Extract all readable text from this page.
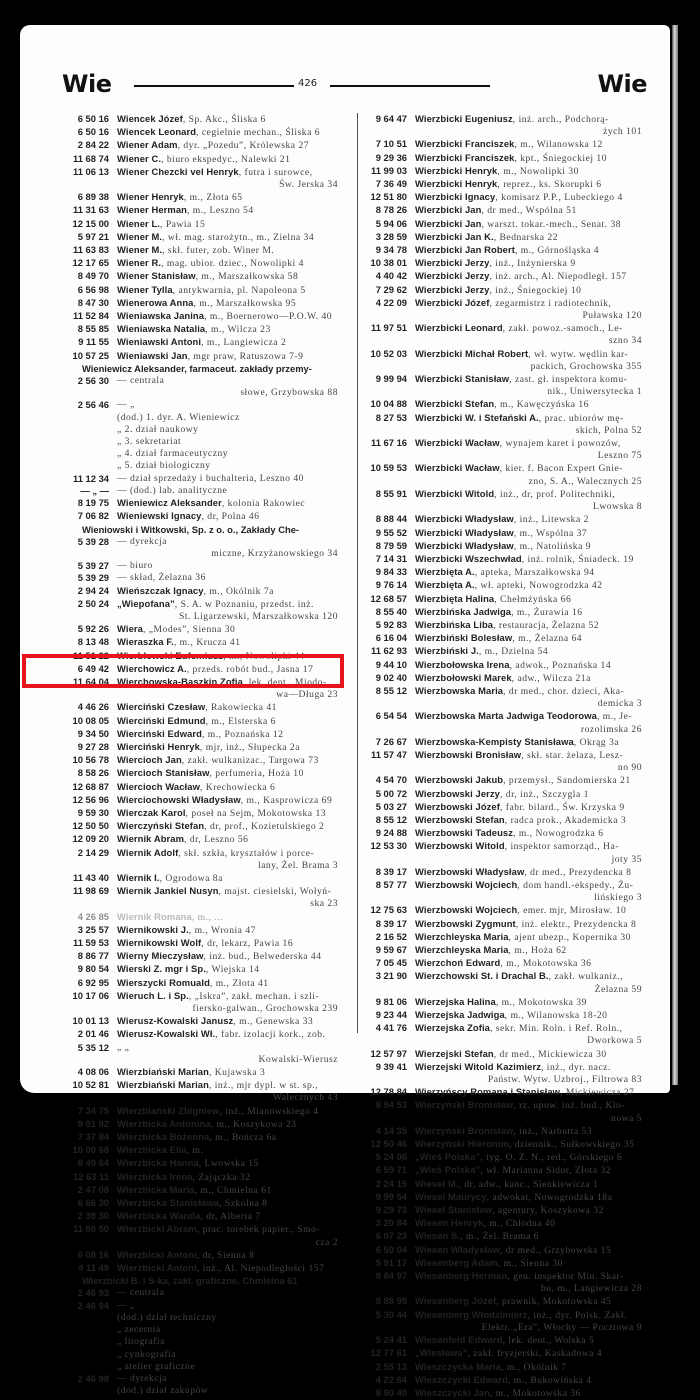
Wie	426	Wie
6 50 16 Wiencek Józef, Sp. Akc., Śliska 6
6 50 16 Wiencek Leonard, cegielnie mechan., Śliska 6
2 84 22 Wiener Adam, dyr. „Pozedu”, Królewska 27
11 68 74 Wiener C., biuro ekspedyc., Nalewki 21
11 06 13 Wiener Chezcki vel Henryk, futra i surowce,
Św. Jerska 34
6 89 38 Wiener Henryk, m., Złota 65
11 31 63 Wiener Herman, m., Leszno 54
12 15 00 Wiener L., Pawia 15
5 97 21 Wiener M., wł. mag. starożytn., m., Zielna 34
11 63 83 Wiener M., skł. futer, zob. Winer M.
12 17 65 Wiener R., mag. ubior. dziec., Nowolipki 4
8 49 70 Wiener Stanisław, m., Marszałkowska 58
6 56 98 Wiener Tylla, antykwarnia, pl. Napoleona 5
8 47 30 Wienerowa Anna, m., Marszałkowska 95
11 52 84 Wieniawska Janina, m., Boernerowo—P.O.W. 40
8 55 85 Wieniawska Natalia, m., Wilcza 23
9 11 55 Wieniawski Antoni, m., Langiewicza 2
10 57 25 Wieniawski Jan, mgr praw, Ratuszowa 7-9
Wieniewicz Aleksander, farmaceut. zakłady przemy-
2 56 30 — centrala
słowe, Grzybowska 88
2 56 46 — „
(dod.) 1. dyr. A. Wieniewicz
„ 2. dział naukowy
„ 3. sekretariat
„ 4. dział farmaceutyczny
„ 5. dział biologiczny
11 12 34 — dział sprzedaży i buchalteria, Leszno 40
— „ — — (dod.) lab. analityczne
8 19 75 Wieniewicz Aleksander, kolonia Rakowiec
7 06 82 Wieniewski Ignacy, dr, Polna 46
Wieniowski i Witkowski, Sp. z o. o., Zakłady Che-
5 39 28 — dyrekcja
miczne, Krzyżanowskiego 34
5 39 27 — biuro
5 39 29 — skład, Żelazna 36
2 94 24 Wieńszczak Ignacy, m., Okólnik 7a
2 50 24 „Wiepofana”, S. A. w Poznaniu, przedst. inż.
St. Ligarzewski, Marszałkowska 120
5 92 26 Wiera, „Modes”, Sienna 30
8 13 48 Wieraszka F., m., Krucza 41
11 51 22 Wierbłowski Eufemiusz, m., Nowolipki 44
6 49 42 Wierchowicz A., przeds. robót bud., Jasna 17
11 64 04 Wierchowska-Baszkin Zofia, lek. dent., Miodo-
wa—Długa 23
4 46 26 Wierciński Czesław, Rakowiecka 41
10 08 05 Wierciński Edmund, m., Elsterska 6
9 34 50 Wierciński Edward, m., Poznańska 12
9 27 28 Wierciński Henryk, mjr, inż., Słupecka 2a
10 56 78 Wiercioch Jan, zakł. wulkanizac., Targowa 73
8 58 26 Wiercioch Stanisław, perfumeria, Hoża 10
12 68 87 Wiercioch Wacław, Krechowiecka 6
12 56 96 Wierciochowski Władysław, m., Kasprowicza 69
9 59 30 Wierczak Karol, poseł na Sejm, Mokotowska 13
12 50 50 Wierczyński Stefan, dr, prof., Kozietulskiego 2
12 09 20 Wiernik Abram, dr, Leszno 56
2 14 29 Wiernik Adolf, skł. szkła, kryształów i porce-
lany, Żel. Brama 3
11 43 40 Wiernik I., Ogrodowa 8a
11 98 69 Wiernik Jankiel Nusyn, majst. ciesielski, Wołyń-
ska 23
4 26 85 Wiernik Romana, m., ...
3 25 57 Wiernikowski J., m., Wronia 47
11 59 53 Wiernikowski Wolf, dr, lekarz, Pawia 16
8 86 77 Wierny Mieczysław, inż. bud., Belwederska 44
9 80 54 Wierski Z. mgr i Sp., Wiejska 14
6 92 95 Wierszycki Romuald, m., Złota 41
10 17 06 Wieruch L. i Sp., „Iskra”, zakł. mechan. i szli-
fiersko-galwan., Grochowska 239
10 01 13 Wierusz-Kowalski Janusz, m., Genewska 33
2 01 46 Wierusz-Kowalski Wł., fabr. izolacji kork., zob.
5 35 12 „ „
Kowalski-Wierusz
4 08 06 Wierzbiański Marian, Kujawska 3
10 52 81 Wierzbiański Marian, inż., mjr dypl. w st. sp.,
Walecznych 43
7 34 75 Wierzbiański Zbigniew, inż., Mianowskiego 4
9 91 82 Wierzbicka Antonina, m., Koszykowa 23
7 37 84 Wierzbicka Bożenna, m., Bończa 6a
10 00 68 Wierzbicka Ella, m.
8 49 64 Wierzbicka Hanna, Lwowska 15
12 63 11 Wierzbicka Irena, Zajączka 32
2 47 08 Wierzbicka Maria, m., Chmielna 61
6 66 30 Wierzbicka Stanisława, Szkolna 8
2 39 30 Wierzbicka Wanda, dr, Alberta 7
11 89 50 Wierzbicki Abram, prac. torebek papier., Smo-
cza 2
6 08 16 Wierzbicki Antoni, dr, Sienna 8
4 11 49 Wierzbicki Antoni, inż., Al. Niepodległości 157
Wierzbicki B. i S-ka, zakł. graficzne, Chmielna 61
2 46 93 — centrala
2 46 94 — „
(dod.) dział techniczny
„ zecernia
„ litografia
„ cynkografia
„ atelier graficzne
2 46 98 — dyrekcja
(dod.) dział zakupów
9 64 47 Wierzbicki Eugeniusz, inż. arch., Podchorą-
żych 101
7 10 51 Wierzbicki Franciszek, m., Wilanowska 12
9 29 36 Wierzbicki Franciszek, kpt., Śniegockiej 10
11 99 03 Wierzbicki Henryk, m., Nowolipki 30
7 36 49 Wierzbicki Henryk, reprez., ks. Skorupki 6
12 51 80 Wierzbicki Ignacy, komisarz P.P., Lubeckiego 4
8 78 26 Wierzbicki Jan, dr med., Wspólna 51
5 94 06 Wierzbicki Jan, warszt. tokar.-mech., Senat. 38
3 28 59 Wierzbicki Jan K., Bednarska 22
9 34 78 Wierzbicki Jan Robert, m., Górnośląska 4
10 38 01 Wierzbicki Jerzy, inż., Inżynierska 9
4 40 42 Wierzbicki Jerzy, inż. arch., Al. Niepodległ. 157
7 29 62 Wierzbicki Jerzy, inż., Śniegockiej 10
4 22 09 Wierzbicki Józef, zegarmistrz i radiotechnik,
Puławska 120
11 97 51 Wierzbicki Leonard, zakł. powoz.-samoch., Le-
szno 34
10 52 03 Wierzbicki Michał Robert, wł. wytw. wędlin kar-
packich, Grochowska 355
9 99 94 Wierzbicki Stanisław, zast. gł. inspektora komu-
nik., Uniwersytecka 1
10 04 88 Wierzbicki Stefan, m., Kawęczyńska 16
8 27 53 Wierzbicki W. i Stefański A., prac. ubiorów mę-
skich, Polna 52
11 67 16 Wierzbicki Wacław, wynajem karet i powozów,
Leszno 75
10 59 53 Wierzbicki Wacław, kier. f. Bacon Expert Gnie-
zno, S. A., Walecznych 25
8 55 91 Wierzbicki Witold, inż., dr, prof. Politechniki,
Lwowska 8
8 88 44 Wierzbicki Władysław, inż., Litewska 2
9 55 52 Wierzbicki Władysław, m., Wspólna 37
8 79 59 Wierzbicki Władysław, m., Natolińska 9
7 14 31 Wierzbicki Wszechwład, inż. rolnik, Śniadeck. 19
9 84 33 Wierzbięta A., apteka, Marszałkowska 94
9 76 14 Wierzbięta A., wł. apteki, Nowogrodzka 42
12 68 57 Wierzbięta Halina, Chełmżyńska 66
8 55 40 Wierzbińska Jadwiga, m., Żurawia 16
5 92 83 Wierzbińska Liba, restauracja, Żelazna 52
6 16 04 Wierzbiński Bolesław, m., Żelazna 64
11 62 93 Wierzbiński J., m., Dzielna 54
9 44 10 Wierzbołowska Irena, adwok., Poznańska 14
9 02 40 Wierzbołowski Marek, adw., Wilcza 21a
8 55 12 Wierzbowska Maria, dr med., chor. dzieci, Aka-
demicka 3
6 54 54 Wierzbowska Marta Jadwiga Teodorowa, m., Je-
rozolimska 26
7 26 67 Wierzbowska-Kempisty Stanisława, Okrąg 3a
11 57 47 Wierzbowski Bronisław, skł. star. żelaza, Lesz-
no 90
4 54 70 Wierzbowski Jakub, przemysł., Sandomierska 21
5 00 72 Wierzbowski Jerzy, dr, inż., Szczygla 1
5 03 27 Wierzbowski Józef, fabr. bilard., Św. Krzyska 9
8 55 12 Wierzbowski Stefan, radca prok., Akademicka 3
9 24 88 Wierzbowski Tadeusz, m., Nowogrodzka 6
12 53 30 Wierzbowski Witold, inspektor samorząd., Ha-
joty 35
8 39 17 Wierzbowski Władysław, dr med., Prezydencka 8
8 57 77 Wierzbowski Wojciech, dom handl.-ekspedy., Żu-
lińskiego 3
12 75 63 Wierzbowski Wojciech, emer. mjr, Mirosław. 10
8 39 17 Wierzbowski Zygmunt, inż. elektr., Prezydencka 8
2 16 52 Wierzchleyska Maria, ajent ubezp., Kopernika 30
9 59 67 Wierzchleyska Maria, m., Hoża 62
7 05 45 Wierzchoń Edward, m., Mokotowska 36
3 21 90 Wierzchowski St. i Drachal B., zakł. wulkaniz.,
Żelazna 59
9 81 06 Wierzejska Halina, m., Mokotowska 39
9 23 44 Wierzejska Jadwiga, m., Wilanowska 18-20
4 41 76 Wierzejska Zofia, sekr. Min. Roln. i Ref. Roln.,
Dworkowa 5
12 57 97 Wierzejski Stefan, dr med., Mickiewicza 30
9 39 41 Wierzejski Witold Kazimierz, inż., dyr. nacz.
Państw. Wytw. Uzbroj., Filtrowa 83
12 78 84 Wierzyńscy Romana i Stanisław, Mickiewicza 27
8 94 53 Wierzyński Bronisław, rz. upow. inż. bud., Klo-
nowa 5
4 14 35 Wierzyński Bronisław, inż., Narbutta 53
12 50 46 Wierzyński Hieronim, dziennik., Sułkowskiego 35
5 24 06 „Wieś Polska”, tyg. O. Z. N., red., Górskiego 6
6 59 71 „Wieś Polska”, wł. Marianna Sidor, Złota 32
2 24 15 Wiesel M., dr, adw., kanc., Sienkiewicza 1
9 99 54 Wiesel Maurycy, adwokat, Nowogrodzka 18a
9 29 73 Wiesel Stanisław, agentury, Koszykowa 32
3 20 84 Wiesen Henryk, m., Chłodna 40
6 07 23 Wiesen S., m., Żel. Brama 6
6 50 04 Wiesen Władysław, dr med., Grzybowska 15
5 91 17 Wiesenberg Adam, m., Sienna 30
8 84 97 Wiesenberg Herman, gen. inspektor Min. Skar-
bu, m., Langiewicza 28
8 88 95 Wiesenberg Józef, prawnik, Mokotowska 45
5 30 44 Wiesenberg Włodzimierz, inż., dyr. Polsk. Zakł.
Elektr. „Era”, Włochy — Pocztowa 9
5 24 41 Wiesenfeld Edward, lek. dent., Wolska 5
12 77 61 „Wiesława”, zakł. fryzjerski, Kaskadowa 4
2 55 13 Wieszczycka Maria, m., Okólnik 7
4 22 64 Wieszczycki Edward, m., Bukowińska 4
8 90 40 Wieszczycki Jan, m., Mokotowska 36
